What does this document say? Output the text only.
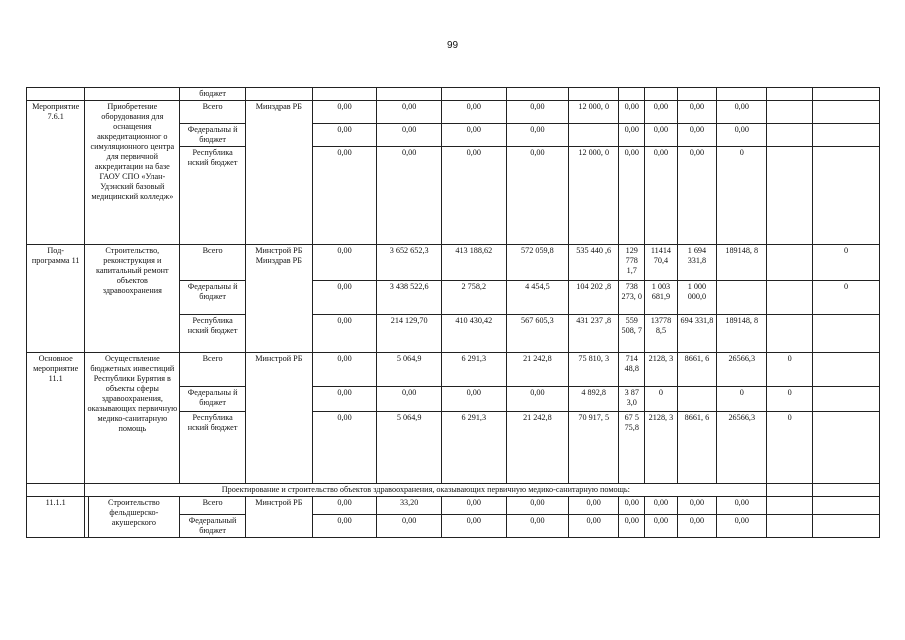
99
			бюджет												
Мероприятие 7.6.1	Приобретение оборудования для оснащения аккредитационног о симуляционного центра для первичной аккредитации на базе ГАОУ СПО «Улан-Удэнский базовый медицинский колледж»		Всего	Минздрав РБ	0,00	0,00	0,00	0,00	12 000, 0	0,00	0,00	0,00	0,00		
			Федеральны й бюджет		0,00	0,00	0,00	0,00		0,00	0,00	0,00	0,00		
			Республика нский бюджет		0,00	0,00	0,00	0,00	12 000, 0	0,00	0,00	0,00	0		
Под-программа 11	Строительство, реконструкция и капитальный ремонт объектов здравоохранения		Всего	Минстрой РБ Минздрав РБ	0,00	3 652 652,3	413 188,62	572 059,8	535 440 ,6	129 778 1,7	11414 70,4	1 694 331,8	189148, 8		0
			Федеральны й бюджет		0,00	3 438 522,6	2 758,2	4 454,5	104 202 ,8	738 273, 0	1 003 681,9	1 000 000,0			0
			Республика нский бюджет		0,00	214 129,70	410 430,42	567 605,3	431 237 ,8	559 508, 7	13778 8,5	694 331,8	189148, 8		
Основное мероприятие 11.1	Осуществление бюджетных инвестиций Республики Бурятия в объекты сферы здравоохранения, оказывающих первичную медико-санитарную помощь		Всего	Минстрой РБ	0,00	5 064,9	6 291,3	21 242,8	75 810, 3	714 48,8	2128, 3	8661, 6	26566,3	0	
			Федеральны й бюджет		0,00	0,00	0,00	0,00	4 892,8	3 87 3,0	0		0	0	
			Республика нский бюджет		0,00	5 064,9	6 291,3	21 242,8	70 917, 5	67 5 75,8	2128, 3	8661, 6	26566,3	0	
	Проектирование и строительство объектов здравоохранения, оказывающих первичную медико-санитарную помощь:														
11.1.1		Строительство фельдшерско-акушерского	Всего	Минстрой РБ	0,00	33,20	0,00	0,00	0,00	0,00	0,00	0,00	0,00		
			Федеральный бюджет		0,00	0,00	0,00	0,00	0,00	0,00	0,00	0,00	0,00		
